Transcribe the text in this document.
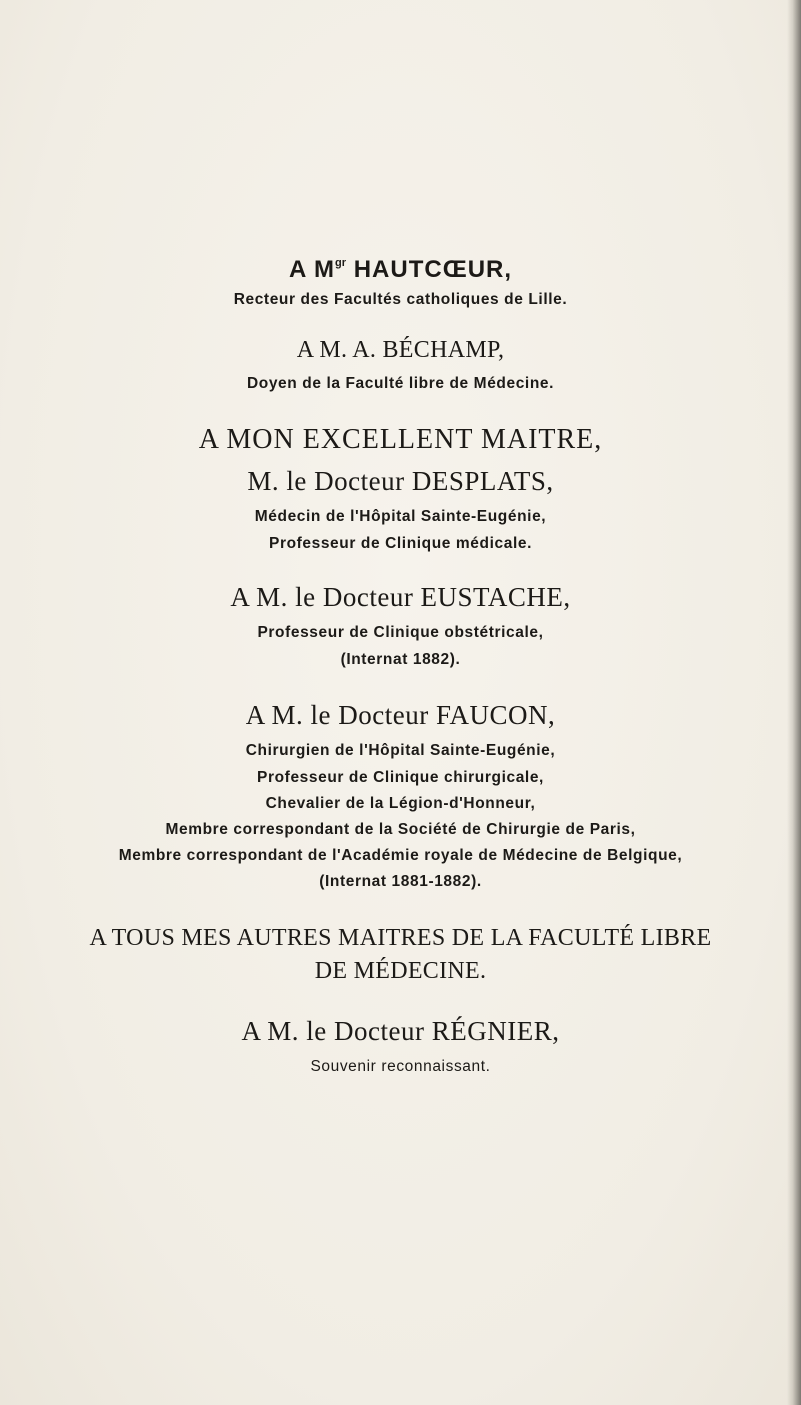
A $M^{gr}$ HAUTCŒUR,
Recteur des Facultés catholiques de Lille.
A M. A. BÉCHAMP,
Doyen de la Faculté libre de Médecine.
A MON EXCELLENT MAITRE,
M. le Docteur DESPLATS,
Médecin de l'Hôpital Sainte-Eugénie,
Professeur de Clinique médicale.
A M. le Docteur EUSTACHE,
Professeur de Clinique obstétricale,
(Internat 1882).
A M. le Docteur FAUCON,
Chirurgien de l'Hôpital Sainte-Eugénie,
Professeur de Clinique chirurgicale,
Chevalier de la Légion-d'Honneur,
Membre correspondant de la Société de Chirurgie de Paris,
Membre correspondant de l'Académie royale de Médecine de Belgique,
(Internat 1881-1882).
A TOUS MES AUTRES MAITRES DE LA FACULTÉ LIBRE
DE MÉDECINE.
A M. le Docteur RÉGNIER,
Souvenir reconnaissant.
